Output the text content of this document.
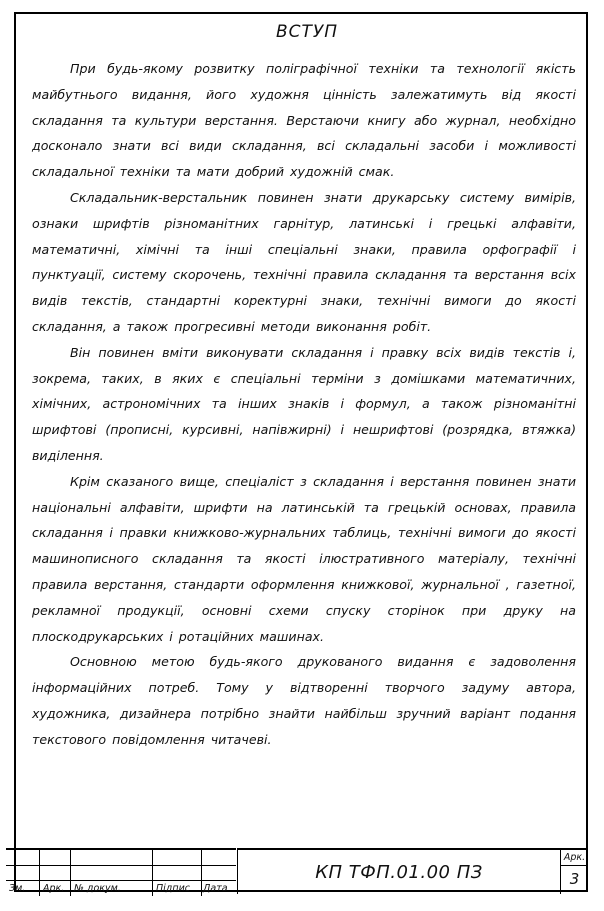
ВСТУП

При будь-якому розвитку поліграфічної техніки та технології якість майбутнього видання, його художня цінність залежатимуть від якості складання та культури верстання. Верстаючи книгу або журнал, необхідно досконало знати всі види складання, всі складальні засоби і можливості складальної техніки та мати добрий художній смак.

Складальник-верстальник повинен знати друкарську систему вимірів, ознаки шрифтів різноманітних гарнітур, латинські і грецькі алфавіти, математичні, хімічні та інші спеціальні знаки, правила орфографії і пунктуації, систему скорочень, технічні правила складання та верстання всіх видів текстів, стандартні коректурні знаки, технічні вимоги до якості складання, а також прогресивні методи виконання робіт.

Він повинен вміти виконувати складання і правку всіх видів текстів і, зокрема, таких, в яких є спеціальні терміни з домішками математичних, хімічних, астрономічних та інших знаків і формул, а також різноманітні шрифтові (прописні, курсивні, напівжирні) і нешрифтові (розрядка, втяжка) виділення.

Крім сказаного вище, спеціаліст з складання і верстання повинен знати національні алфавіти, шрифти на латинській та грецькій основах, правила складання і правки книжково-журнальних таблиць, технічні вимоги до якості машинописного складання та якості ілюстративного матеріалу, технічні правила верстання, стандарти оформлення книжкової, журнальної , газетної, рекламної продукції, основні схеми спуску сторінок при друку на плоскодрукарських і ротаційних машинах.

Основною метою будь-якого друкованого видання є задоволення інформаційних потреб. Тому у відтворенні творчого задуму автора, художника, дизайнера потрібно знайти найбільш зручний варіант подання текстового повідомлення читачеві.

Зм. Арк. № докум.	Підпис Дата
КП ТФП.01.00 ПЗ
Арк.
3
